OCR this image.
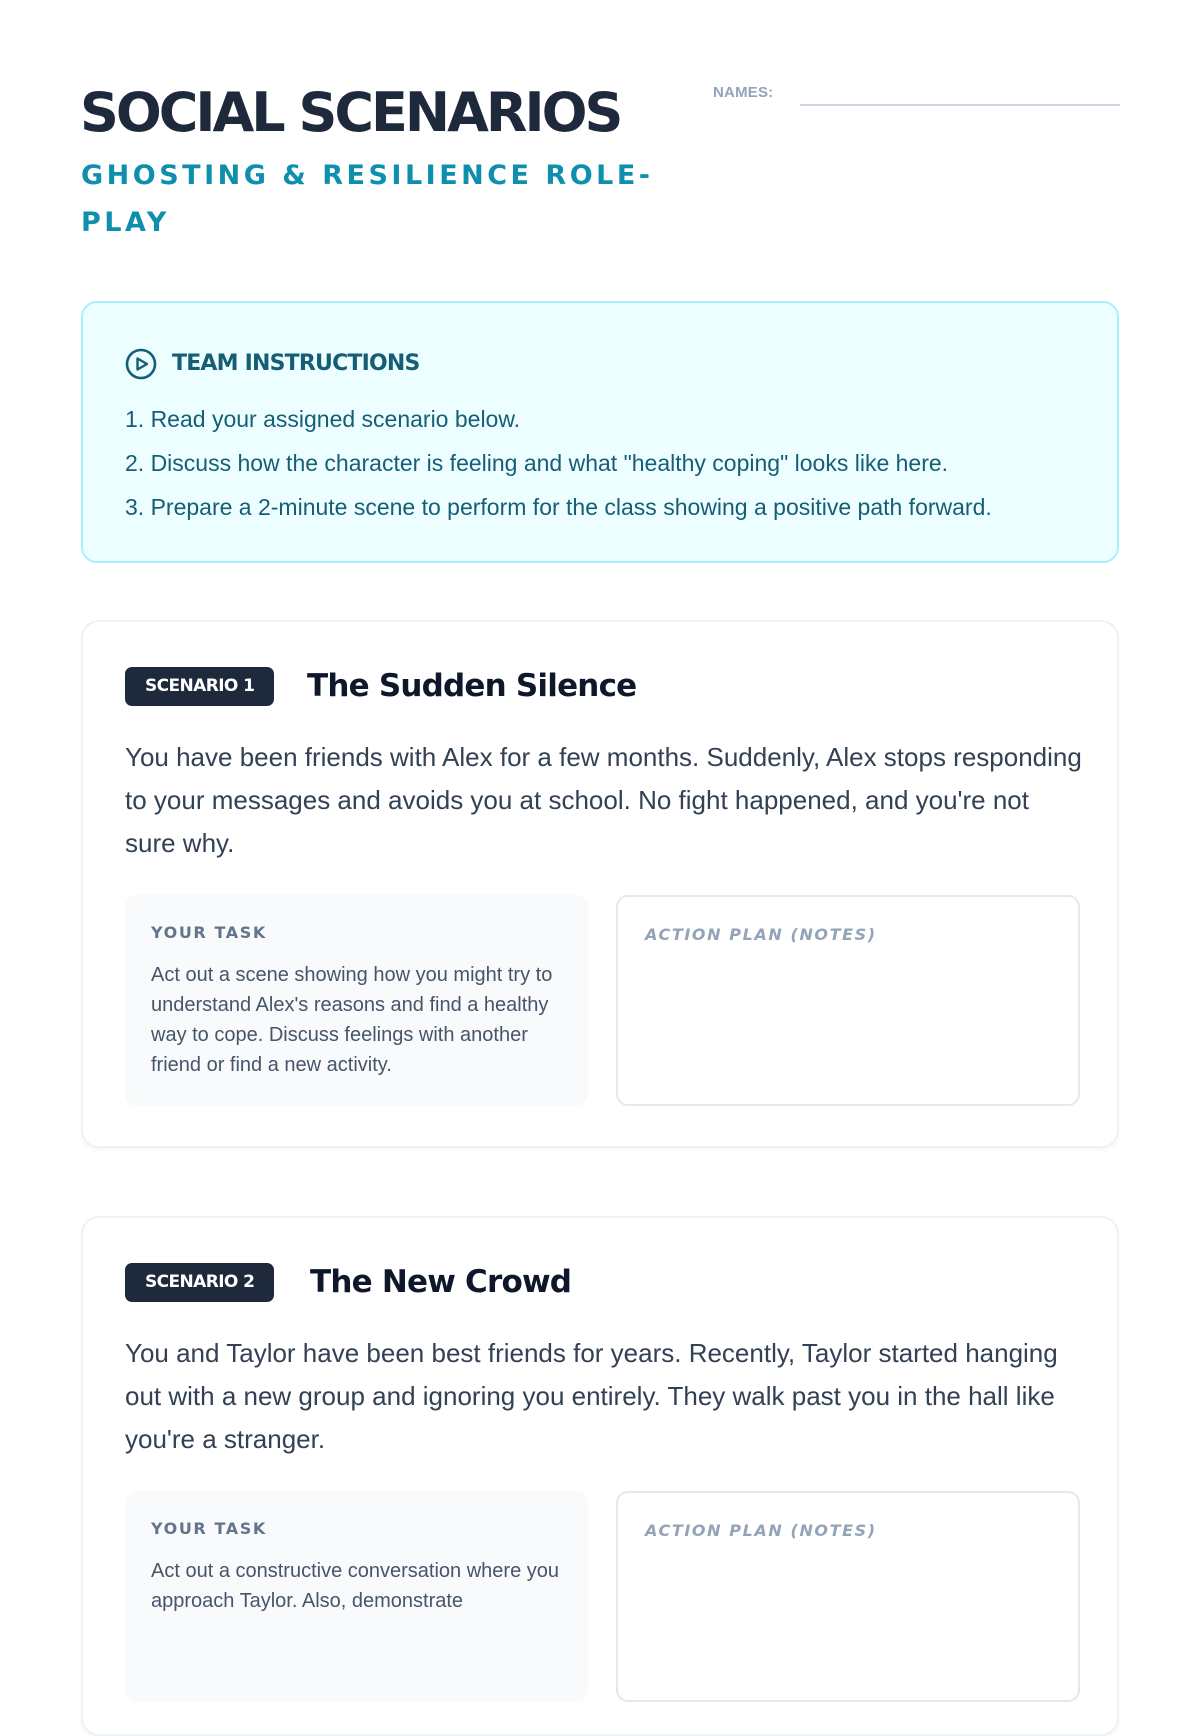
SOCIAL SCENARIOS
GHOSTING & RESILIENCE ROLE-PLAY
NAMES:
TEAM INSTRUCTIONS
1. Read your assigned scenario below.
2. Discuss how the character is feeling and what "healthy coping" looks like here.
3. Prepare a 2-minute scene to perform for the class showing a positive path forward.
SCENARIO 1	The Sudden Silence

You have been friends with Alex for a few months. Suddenly, Alex stops responding to your messages and avoids you at school. No fight happened, and you're not sure why.

YOUR TASK
Act out a scene showing how you might try to understand Alex's reasons and find a healthy way to cope. Discuss feelings with another friend or find a new activity.
ACTION PLAN (NOTES)
SCENARIO 2	The New Crowd

You and Taylor have been best friends for years. Recently, Taylor started hanging out with a new group and ignoring you entirely. They walk past you in the hall like you're a stranger.

YOUR TASK
Act out a constructive conversation where you approach Taylor. Also, demonstrate
ACTION PLAN (NOTES)
